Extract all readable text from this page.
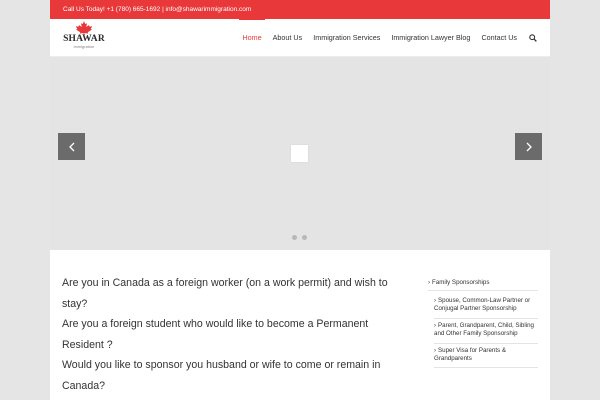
Call Us Today! +1 (780) 665-1692 | info@shawarimmigration.com
SHAWAR
immigration
Home About Us Immigration Services Immigration Lawyer Blog Contact Us

Are you in Canada as a foreign worker (on a work permit) and wish to stay?

Are you a foreign student who would like to become a Permanent Resident ?

Would you like to sponsor you husband or wife to come or remain in Canada?

› Family Sponsorships
› Spouse, Common-Law Partner or Conjugal Partner Sponsorship
› Parent, Grandparent, Child, Sibling and Other Family Sponsorship
› Super Visa for Parents & Grandparents
